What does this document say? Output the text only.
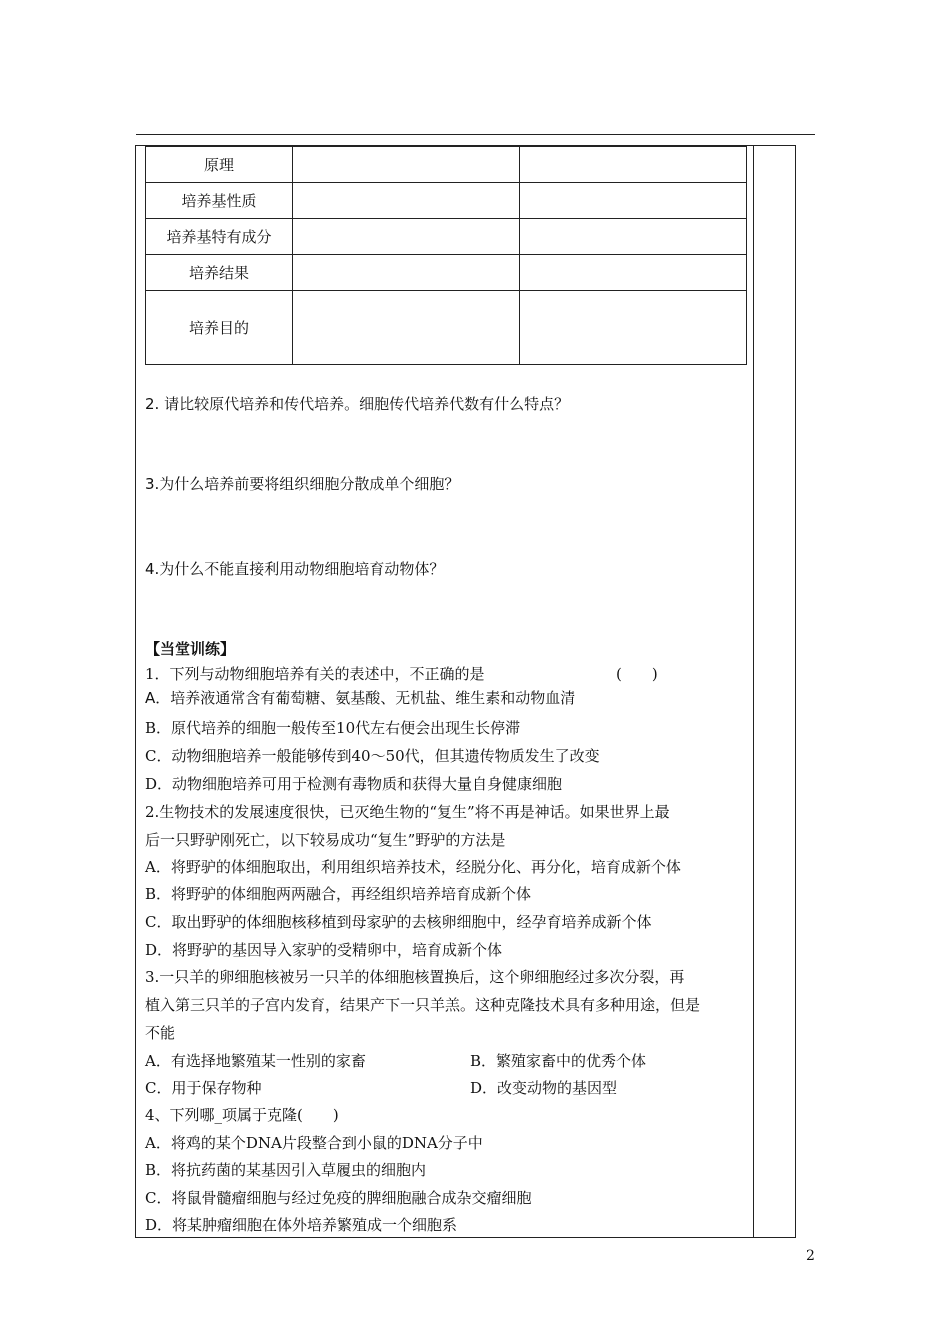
原理		
培养基性质		
培养基特有成分		
培养结果		
培养目的		
2. 请比较原代培养和传代培养。细胞传代培养代数有什么特点？
3.为什么培养前要将组织细胞分散成单个细胞？
4.为什么不能直接利用动物细胞培育动物体？
【当堂训练】
1．下列与动物细胞培养有关的表述中，不正确的是	(　　)
A．培养液通常含有葡萄糖、氨基酸、无机盐、维生素和动物血清
B．原代培养的细胞一般传至10代左右便会出现生长停滞
C．动物细胞培养一般能够传到40～50代，但其遗传物质发生了改变
D．动物细胞培养可用于检测有毒物质和获得大量自身健康细胞
2.生物技术的发展速度很快，已灭绝生物的“复生”将不再是神话。如果世界上最
后一只野驴刚死亡，以下较易成功“复生”野驴的方法是
A．将野驴的体细胞取出，利用组织培养技术，经脱分化、再分化，培育成新个体
B．将野驴的体细胞两两融合，再经组织培养培育成新个体
C．取出野驴的体细胞核移植到母家驴的去核卵细胞中，经孕育培养成新个体
D．将野驴的基因导入家驴的受精卵中，培育成新个体
3.一只羊的卵细胞核被另一只羊的体细胞核置换后，这个卵细胞经过多次分裂，再
植入第三只羊的子宫内发育，结果产下一只羊羔。这种克隆技术具有多种用途，但是
不能
A．有选择地繁殖某一性别的家畜	B．繁殖家畜中的优秀个体
C．用于保存物种	D．改变动物的基因型
4、下列哪_项属于克隆(　　)
A．将鸡的某个DNA片段整合到小鼠的DNA分子中
B．将抗药菌的某基因引入草履虫的细胞内
C．将鼠骨髓瘤细胞与经过免疫的脾细胞融合成杂交瘤细胞
D．将某肿瘤细胞在体外培养繁殖成一个细胞系
2
